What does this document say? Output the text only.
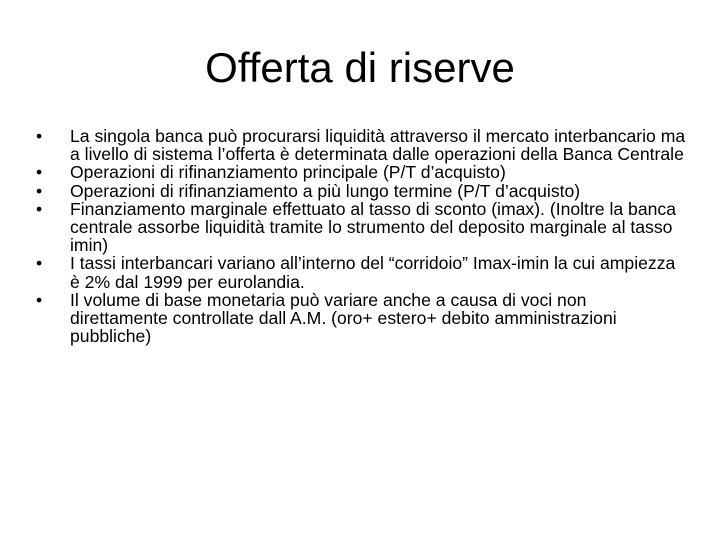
Offerta di riserve
•	La singola banca può procurarsi liquidità attraverso il mercato interbancario ma a livello di sistema l’offerta è determinata dalle operazioni della Banca Centrale
•	Operazioni di rifinanziamento principale (P/T d’acquisto)
•	Operazioni di rifinanziamento a più lungo termine (P/T d’acquisto)
•	Finanziamento marginale effettuato al tasso di sconto (imax). (Inoltre la banca centrale assorbe liquidità tramite lo strumento del deposito marginale al tasso imin)
•	I tassi interbancari variano all’interno del “corridoio” Imax-imin la cui ampiezza è 2% dal 1999 per eurolandia.
•	Il volume di base monetaria può variare anche a causa di voci non direttamente controllate dall A.M. (oro+ estero+ debito amministrazioni pubbliche)
